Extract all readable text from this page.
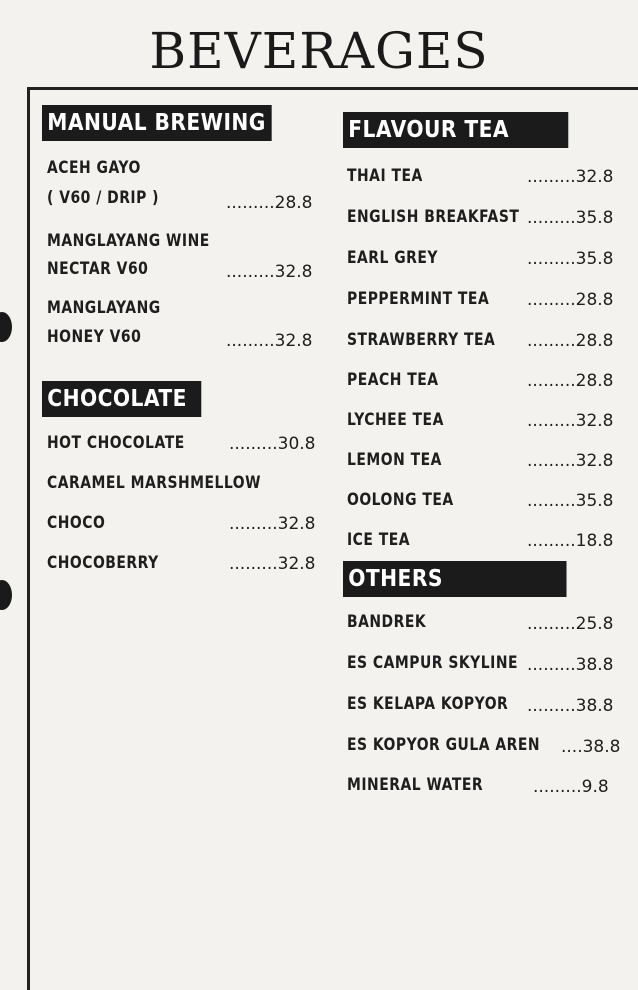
BEVERAGES
MANUAL BREWING
ACEH GAYO
( V60 / DRIP )	.........28.8
MANGLAYANG WINE
NECTAR V60	.........32.8
MANGLAYANG
HONEY V60	.........32.8
CHOCOLATE
HOT CHOCOLATE	.........30.8
CARAMEL MARSHMELLOW
CHOCO	.........32.8
CHOCOBERRY	.........32.8
FLAVOUR TEA
THAI TEA	.........32.8
ENGLISH BREAKFAST .........35.8
EARL GREY	.........35.8
PEPPERMINT TEA .........28.8
STRAWBERRY TEA .........28.8
PEACH TEA	.........28.8
LYCHEE TEA	.........32.8
LEMON TEA	.........32.8
OOLONG TEA	.........35.8
ICE TEA	.........18.8
OTHERS
BANDREK	.........25.8
ES CAMPUR SKYLINE .........38.8
ES KELAPA KOPYOR .........38.8
ES KOPYOR GULA AREN ....38.8
MINERAL WATER	.........9.8
